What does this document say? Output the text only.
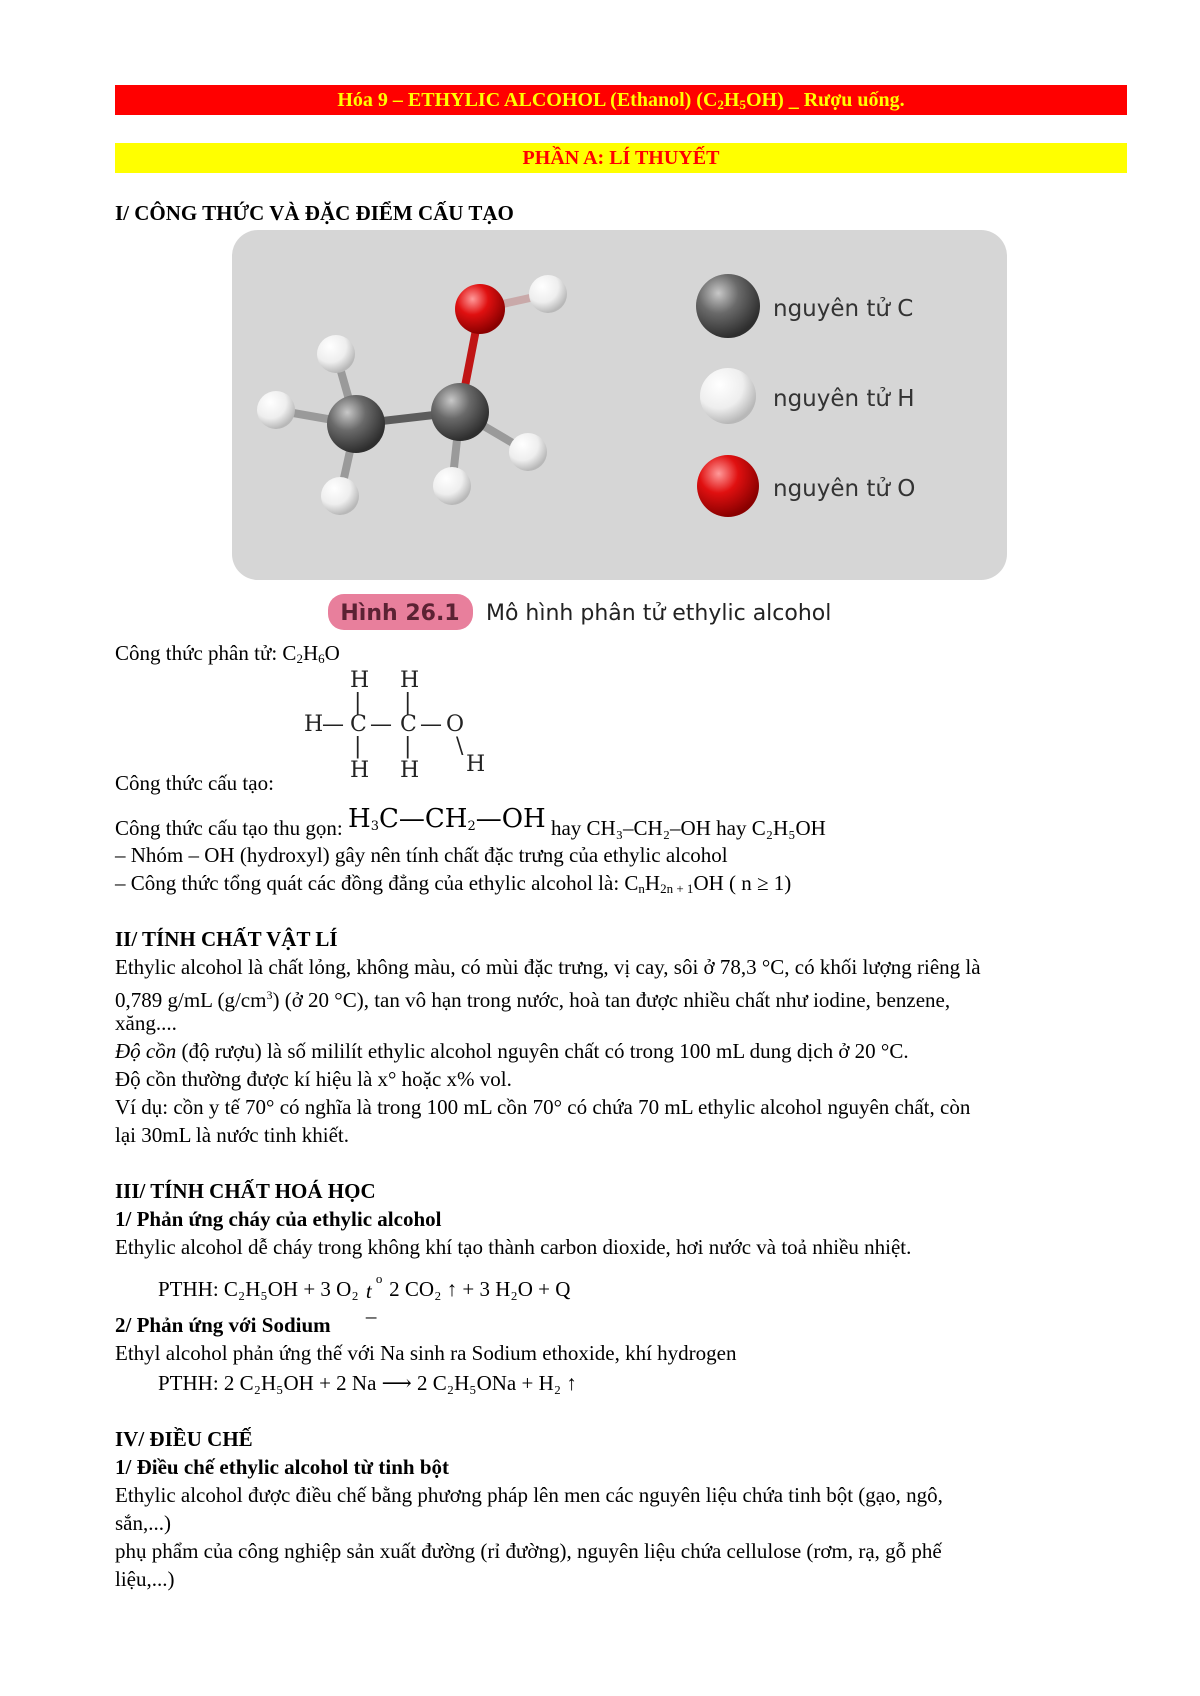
Hóa 9 – ETHYLIC ALCOHOL (Ethanol) $(C_2H_5OH)$ _ Rượu uống.
PHẦN A: LÍ THUYẾT
I/ CÔNG THỨC VÀ ĐẶC ĐIỂM CẤU TẠO
nguyên tử C
nguyên tử H
nguyên tử O
Hình 26.1 Mô hình phân tử ethylic alcohol
Công thức phân tử: $C_2H_6O$
H H
| |
H
— C — C — O
| | \
H H H
Công thức cấu tạo:
Công thức cấu tạo thu gọn: $H_3C—CH_2—OH$ hay CH₃–CH₂–OH hay C₂H₅OH
– Nhóm – OH (hydroxyl) gây nên tính chất đặc trưng của ethylic alcohol
– Công thức tổng quát các đồng đẳng của ethylic alcohol là: $C_nH_{2n + 1}OH$ ( n ≥ 1)
II/ TÍNH CHẤT VẬT LÍ
Ethylic alcohol là chất lỏng, không màu, có mùi đặc trưng, vị cay, sôi ở 78,3 °C, có khối lượng riêng là
0,789 g/mL $(g/cm^3)$ (ở 20 °C), tan vô hạn trong nước, hoà tan được nhiều chất như iodine, benzene,
xăng....
Độ cồn (độ rượu) là số mililít ethylic alcohol nguyên chất có trong 100 mL dung dịch ở 20 °C.
Độ cồn thường được kí hiệu là x° hoặc x% vol.
Ví dụ: cồn y tế 70° có nghĩa là trong 100 mL cồn 70° có chứa 70 mL ethylic alcohol nguyên chất, còn
lại 30mL là nước tinh khiết.
III/ TÍNH CHẤT HOÁ HỌC
1/ Phản ứng cháy của ethylic alcohol
Ethylic alcohol dễ cháy trong không khí tạo thành carbon dioxide, hơi nước và toả nhiều nhiệt.
PTHH: C₂H₅OH + 3 O₂ t
o
_
2 CO₂ ↑ + 3 H₂O + Q
2/ Phản ứng với Sodium
Ethyl alcohol phản ứng thế với Na sinh ra Sodium ethoxide, khí hydrogen
PTHH: 2 C₂H₅OH + 2 Na ⟶ 2 C₂H₅ONa + H₂ ↑
IV/ ĐIỀU CHẾ
1/ Điều chế ethylic alcohol từ tinh bột
Ethylic alcohol được điều chế bằng phương pháp lên men các nguyên liệu chứa tinh bột (gạo, ngô,
sắn,...)
phụ phẩm của công nghiệp sản xuất đường (rỉ đường), nguyên liệu chứa cellulose (rơm, rạ, gỗ phế
liệu,...)
